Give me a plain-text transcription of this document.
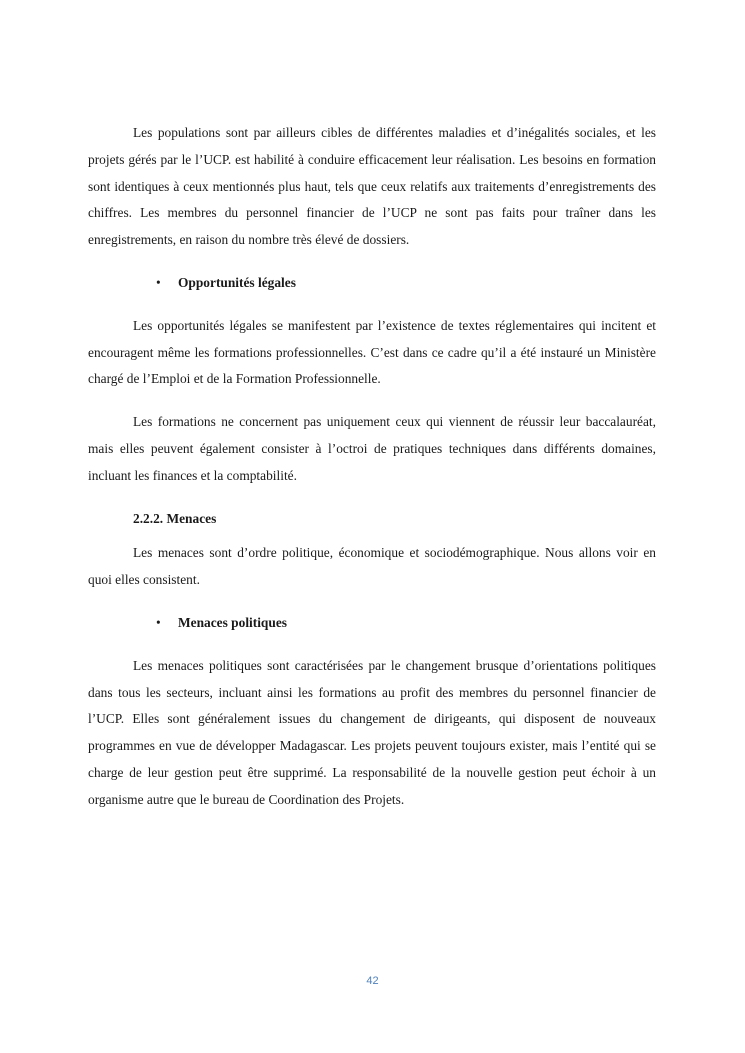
Les populations sont par ailleurs cibles de différentes maladies et d’inégalités sociales, et les projets gérés par le l’UCP. est habilité à conduire efficacement leur réalisation. Les besoins en formation sont identiques à ceux mentionnés plus haut, tels que ceux relatifs aux traitements d’enregistrements des chiffres. Les membres du personnel financier de l’UCP ne sont pas faits pour traîner dans les enregistrements, en raison du nombre très élevé de dossiers.

• Opportunités légales

Les opportunités légales se manifestent par l’existence de textes réglementaires qui incitent et encouragent même les formations professionnelles. C’est dans ce cadre qu’il a été instauré un Ministère chargé de l’Emploi et de la Formation Professionnelle.

Les formations ne concernent pas uniquement ceux qui viennent de réussir leur baccalauréat, mais elles peuvent également consister à l’octroi de pratiques techniques dans différents domaines, incluant les finances et la comptabilité.

2.2.2. Menaces

Les menaces sont d’ordre politique, économique et sociodémographique. Nous allons voir en quoi elles consistent.

• Menaces politiques

Les menaces politiques sont caractérisées par le changement brusque d’orientations politiques dans tous les secteurs, incluant ainsi les formations au profit des membres du personnel financier de l’UCP. Elles sont généralement issues du changement de dirigeants, qui disposent de nouveaux programmes en vue de développer Madagascar. Les projets peuvent toujours exister, mais l’entité qui se charge de leur gestion peut être supprimé. La responsabilité de la nouvelle gestion peut échoir à un organisme autre que le bureau de Coordination des Projets.

42
